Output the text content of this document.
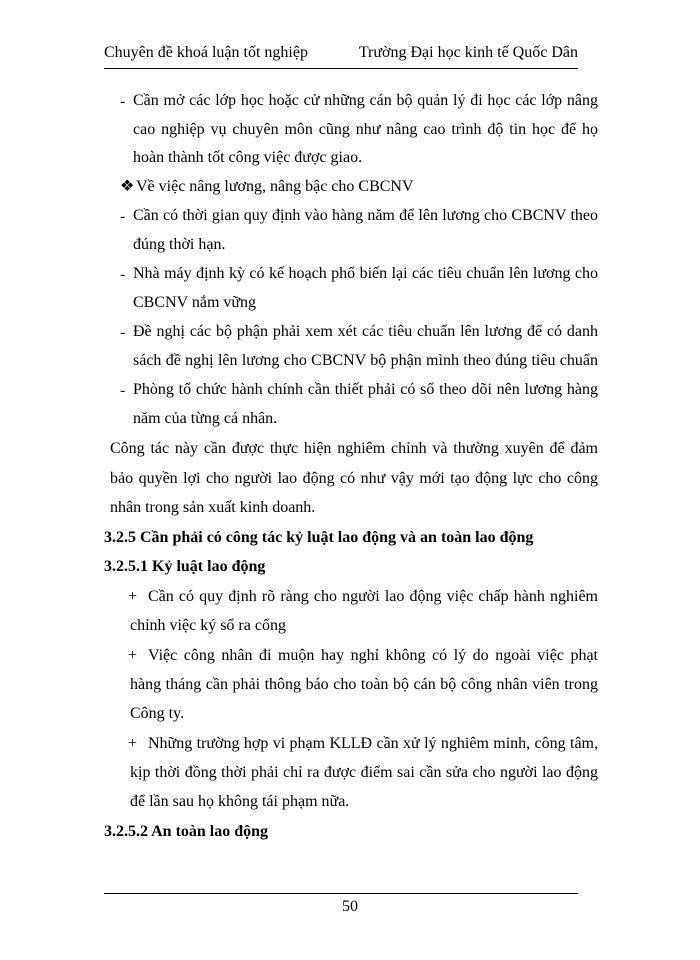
Chuyên đề khoá luận tốt nghiệp	Trường Đại học kinh tế Quốc Dân
- Cần mở các lớp học hoặc cử những cán bộ quản lý đi học các lớp nâng
cao nghiệp vụ chuyên môn cũng như nâng cao trình độ tin học để họ
hoàn thành tốt công việc được giao.
❖ Về việc nâng lương, nâng bậc cho CBCNV
- Cần có thời gian quy định vào hàng năm để lên lương cho CBCNV theo
đúng thời hạn.
- Nhà máy định kỳ có kế hoạch phổ biến lại các tiêu chuẩn lên lương cho
CBCNV nắm vững
- Đề nghị các bộ phận phải xem xét các tiêu chuẩn lên lương để có danh
sách đề nghị lên lương cho CBCNV bộ phận mình theo đúng tiêu chuẩn
- Phòng tổ chức hành chính cần thiết phải có sổ theo dõi nên lương hàng
năm của từng cá nhân.
Công tác này cần được thực hiện nghiêm chỉnh và thường xuyên để đảm
bảo quyền lợi cho người lao động có như vậy mới tạo động lực cho công
nhân trong sản xuất kinh doanh.
3.2.5 Cần phải có công tác kỷ luật lao động và an toàn lao động
3.2.5.1 Kỷ luật lao động
+ Cần có quy định rõ ràng cho người lao động việc chấp hành nghiêm
chỉnh việc ký sổ ra cổng
+ Việc công nhân đi muộn hay nghỉ không có lý do ngoài việc phạt
hàng tháng cần phải thông báo cho toàn bộ cán bộ công nhân viên trong
Công ty.
+ Những trường hợp vi phạm KLLĐ cần xử lý nghiêm minh, công tâm,
kịp thời đồng thời phải chỉ ra được điểm sai cần sửa cho người lao động
để lần sau họ không tái phạm nữa.
3.2.5.2 An toàn lao động
50
